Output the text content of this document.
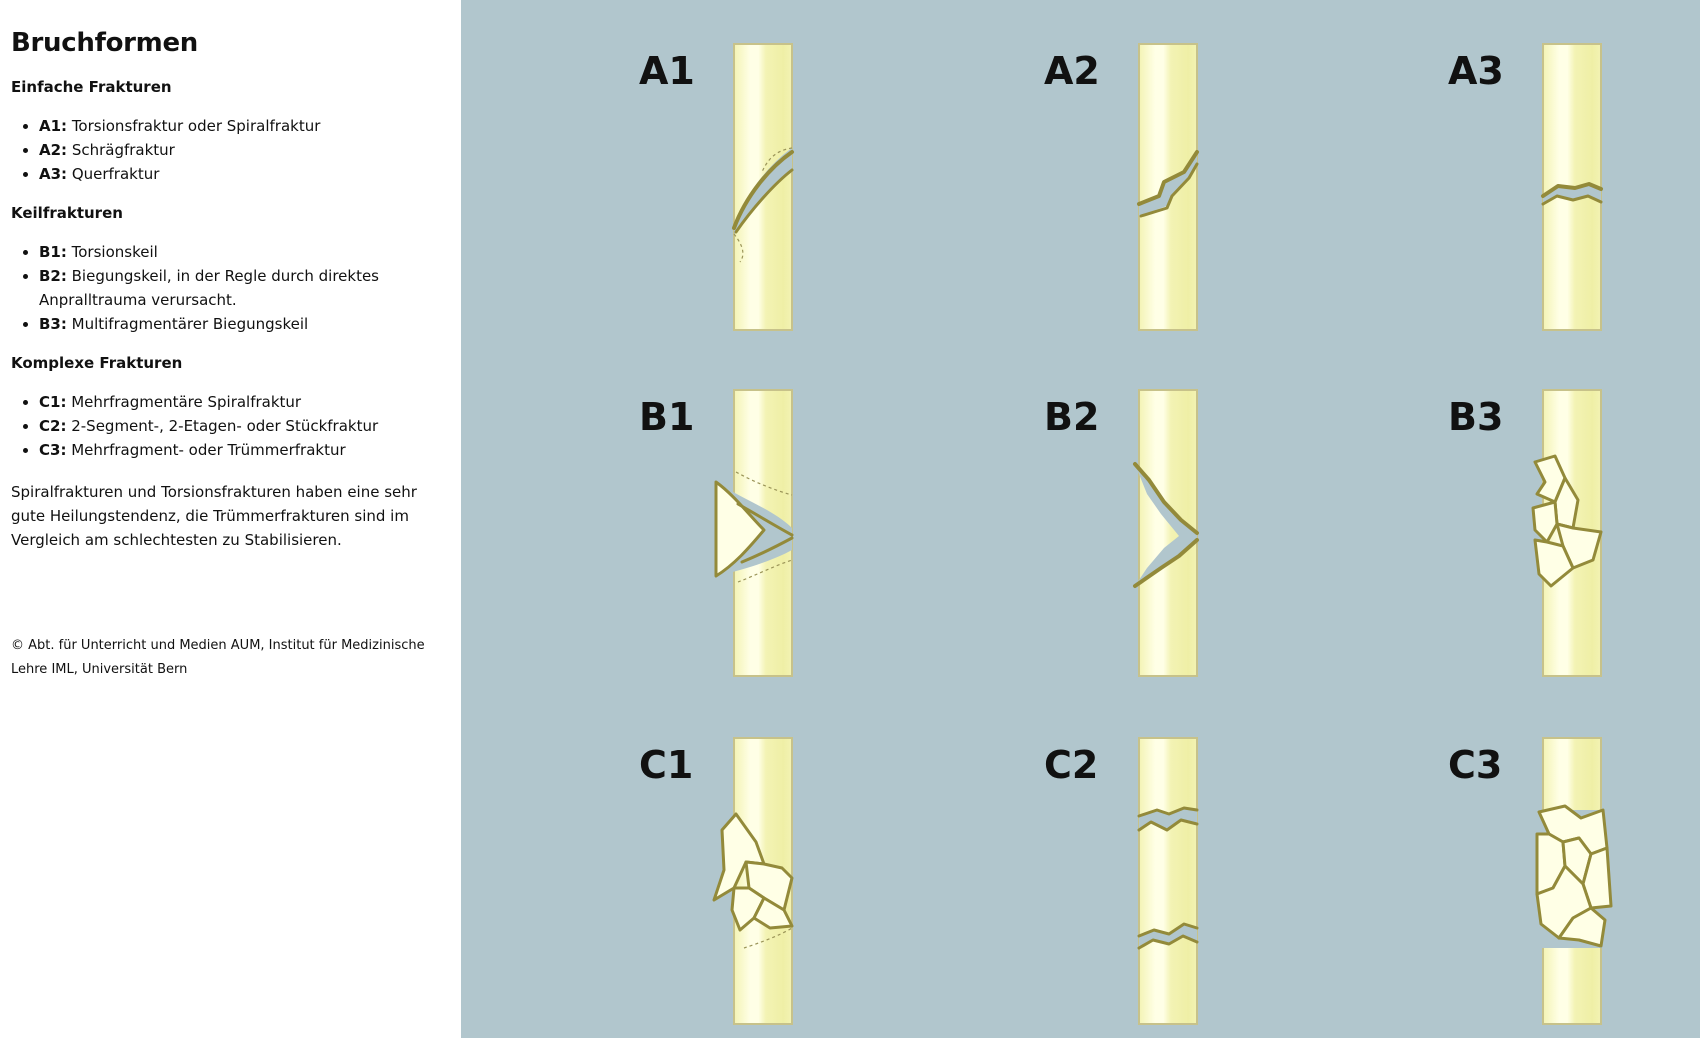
Bruchformen
Einfache Frakturen
• A1: Torsionsfraktur oder Spiralfraktur
• A2: Schrägfraktur
• A3: Querfraktur
Keilfrakturen
• B1: Torsionskeil
• B2: Biegungskeil, in der Regle durch direktes Anpralltrauma verursacht.
• B3: Multifragmentärer Biegungskeil
Komplexe Frakturen
• C1: Mehrfragmentäre Spiralfraktur
• C2: 2-Segment-, 2-Etagen- oder Stückfraktur
• C3: Mehrfragment- oder Trümmerfraktur

Spiralfrakturen und Torsionsfrakturen haben eine sehr gute Heilungstendenz, die Trümmerfrakturen sind im Vergleich am schlechtesten zu Stabilisieren.

© Abt. für Unterricht und Medien AUM, Institut für Medizinische Lehre IML, Universität Bern

A1	A2	A3
B1	B2	B3
C1	C2	C3
